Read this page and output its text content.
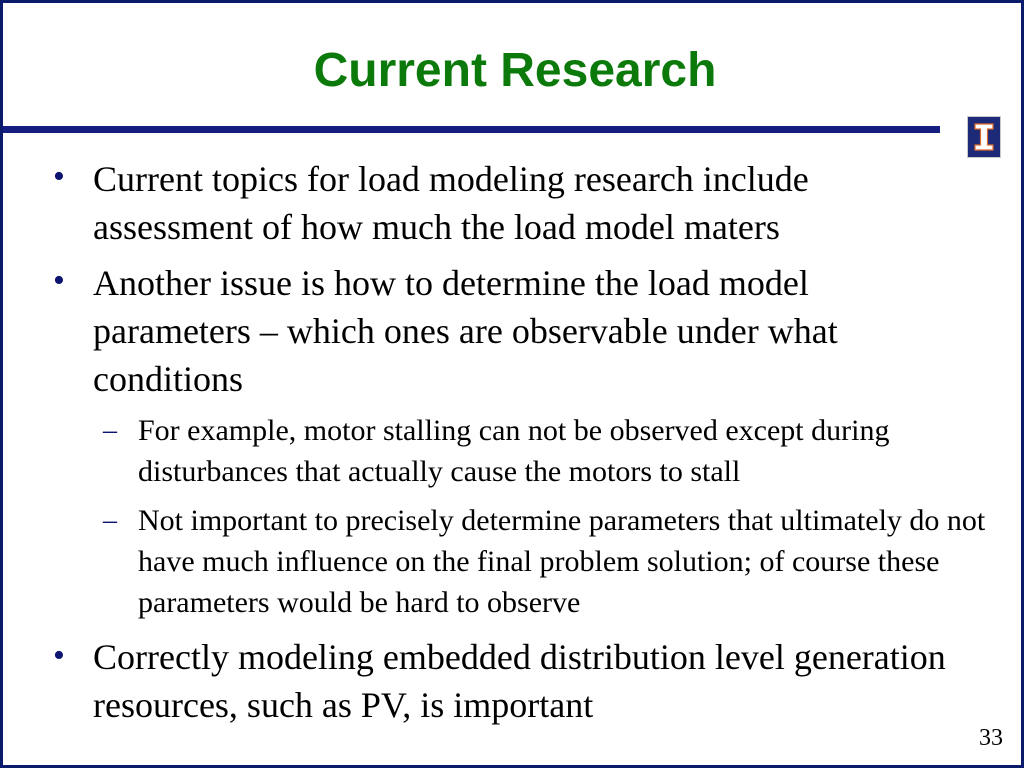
Current Research
• Current topics for load modeling research include assessment of how much the load model maters
• Another issue is how to determine the load model parameters – which ones are observable under what conditions
– For example, motor stalling can not be observed except during disturbances that actually cause the motors to stall
– Not important to precisely determine parameters that ultimately do not have much influence on the final problem solution; of course these parameters would be hard to observe
• Correctly modeling embedded distribution level generation resources, such as PV, is important
33
